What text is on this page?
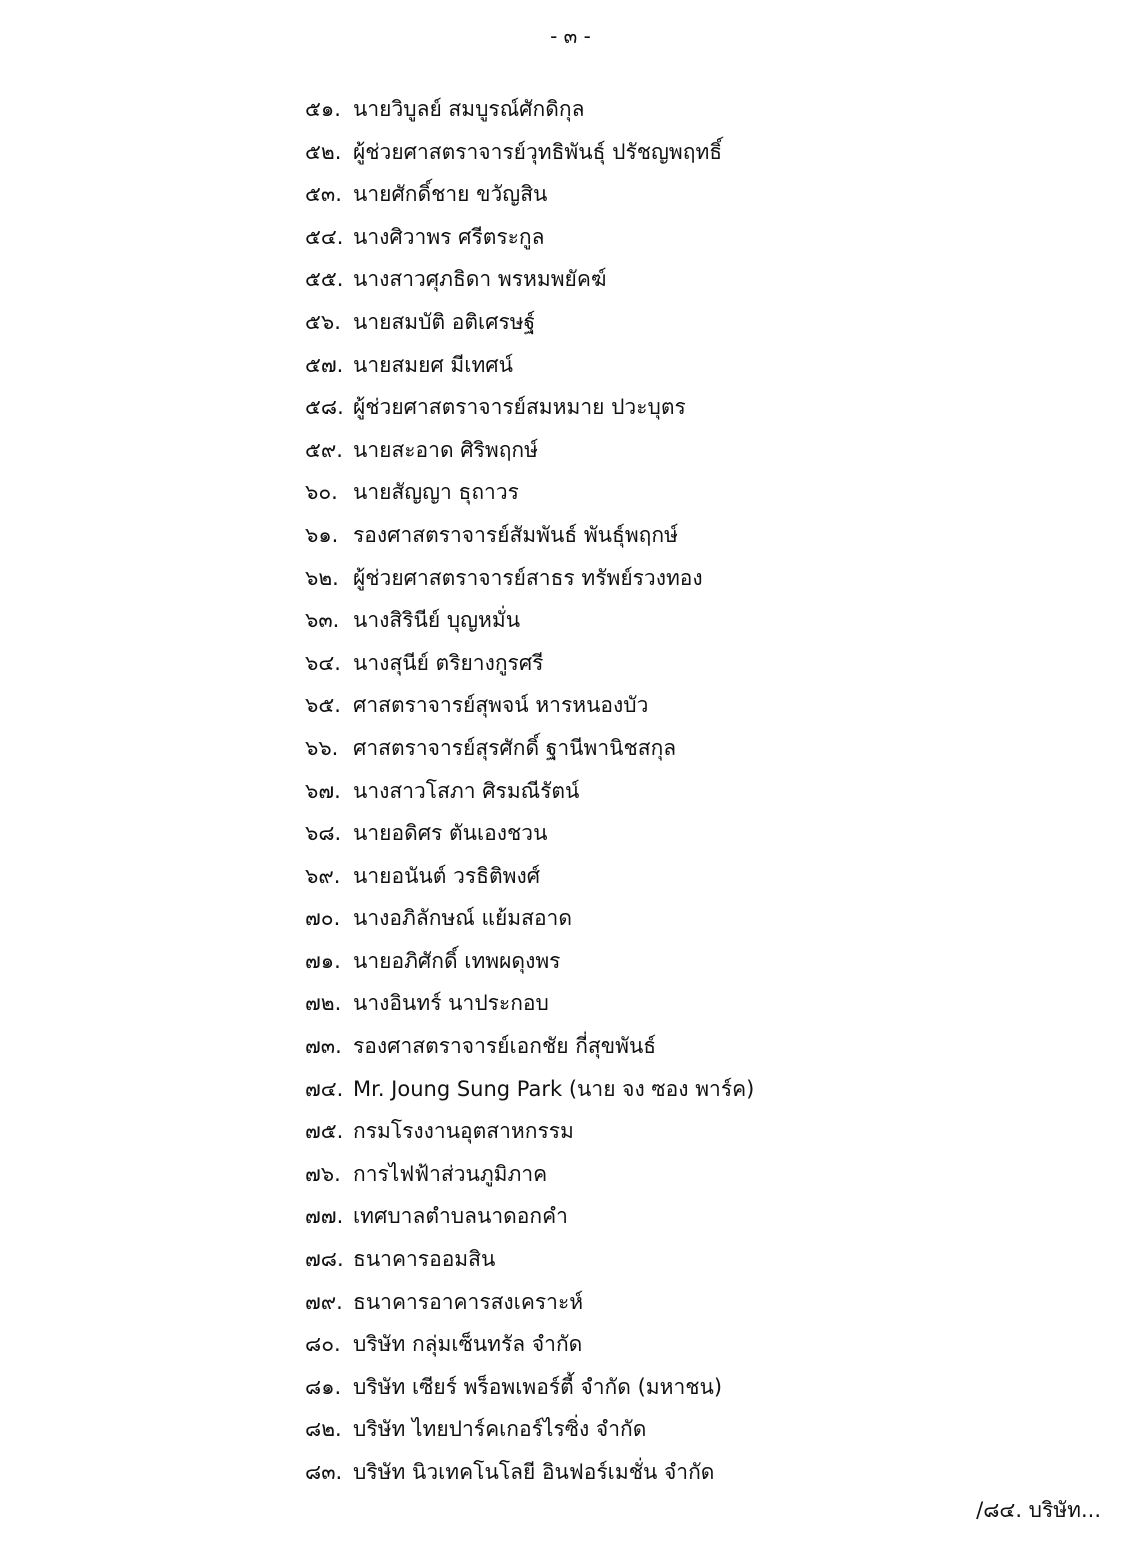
- ๓ -
๕๑. นายวิบูลย์ สมบูรณ์ศักดิกุล
๕๒. ผู้ช่วยศาสตราจารย์วุทธิพันธุ์ ปรัชญพฤทธิ์
๕๓. นายศักดิ์ชาย ขวัญสิน
๕๔. นางศิวาพร ศรีตระกูล
๕๕. นางสาวศุภธิดา พรหมพยัคฆ์
๕๖. นายสมบัติ อติเศรษฐ์
๕๗. นายสมยศ มีเทศน์
๕๘. ผู้ช่วยศาสตราจารย์สมหมาย ปวะบุตร
๕๙. นายสะอาด ศิริพฤกษ์
๖๐. นายสัญญา ธุถาวร
๖๑. รองศาสตราจารย์สัมพันธ์ พันธุ์พฤกษ์
๖๒. ผู้ช่วยศาสตราจารย์สาธร ทรัพย์รวงทอง
๖๓. นางสิรินีย์ บุญหมั่น
๖๔. นางสุนีย์ ตริยางกูรศรี
๖๕. ศาสตราจารย์สุพจน์ หารหนองบัว
๖๖. ศาสตราจารย์สุรศักดิ์ ฐานีพานิชสกุล
๖๗. นางสาวโสภา ศิรมณีรัตน์
๖๘. นายอดิศร ตันเองชวน
๖๙. นายอนันต์ วรธิติพงศ์
๗๐. นางอภิลักษณ์ แย้มสอาด
๗๑. นายอภิศักดิ์ เทพผดุงพร
๗๒. นางอินทร์ นาประกอบ
๗๓. รองศาสตราจารย์เอกชัย กี่สุขพันธ์
๗๔. Mr. Joung Sung Park (นาย จง ซอง พาร์ค)
๗๕. กรมโรงงานอุตสาหกรรม
๗๖. การไฟฟ้าส่วนภูมิภาค
๗๗. เทศบาลตำบลนาดอกคำ
๗๘. ธนาคารออมสิน
๗๙. ธนาคารอาคารสงเคราะห์
๘๐. บริษัท กลุ่มเซ็นทรัล จำกัด
๘๑. บริษัท เซียร์ พร็อพเพอร์ตี้ จำกัด (มหาชน)
๘๒. บริษัท ไทยปาร์คเกอร์ไรซิ่ง จำกัด
๘๓. บริษัท นิวเทคโนโลยี อินฟอร์เมชั่น จำกัด
/๘๔. บริษัท...
